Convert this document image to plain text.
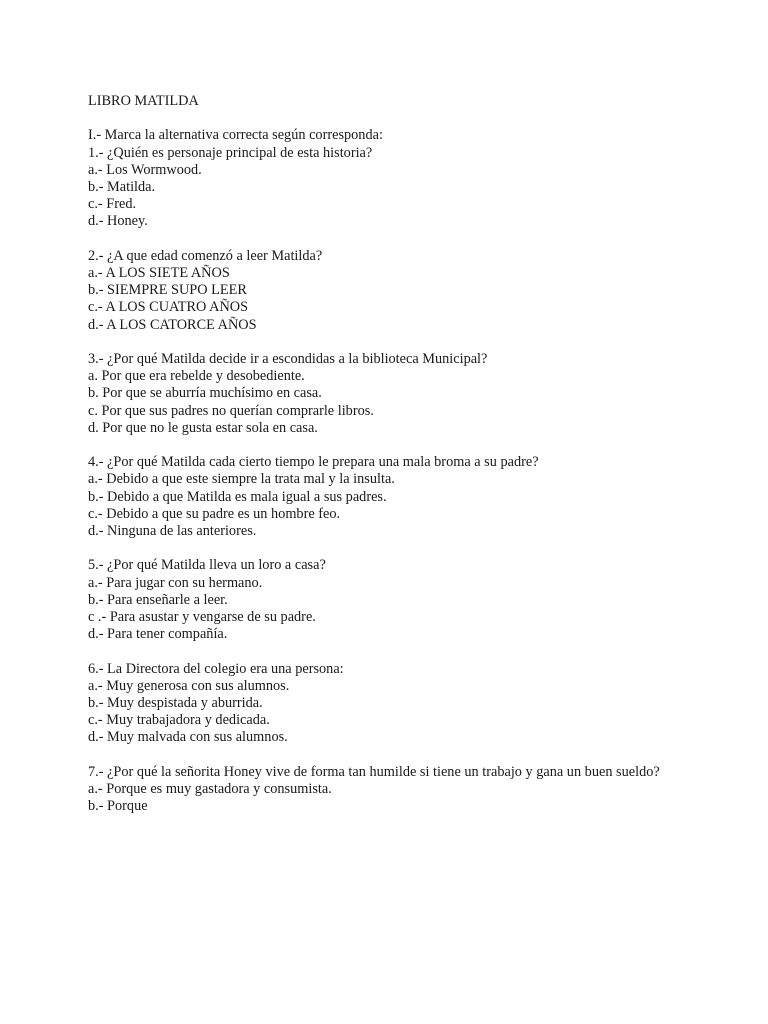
LIBRO MATILDA

I.- Marca la alternativa correcta según corresponda:

1.- ¿Quién es personaje principal de esta historia?

a.- Los Wormwood.

b.- Matilda.

c.- Fred.

d.- Honey.

2.- ¿A que edad comenzó a leer Matilda?

a.- A LOS SIETE AÑOS

b.- SIEMPRE SUPO LEER

c.- A LOS CUATRO AÑOS

d.- A LOS CATORCE AÑOS

3.- ¿Por qué Matilda decide ir a escondidas a la biblioteca Municipal?

a. Por que era rebelde y desobediente.

b. Por que se aburría muchísimo en casa.

c. Por que sus padres no querían comprarle libros.

d. Por que no le gusta estar sola en casa.

4.- ¿Por qué Matilda cada cierto tiempo le prepara una mala broma a su padre?

a.- Debido a que este siempre la trata mal y la insulta.

b.- Debido a que Matilda es mala igual a sus padres.

c.- Debido a que su padre es un hombre feo.

d.- Ninguna de las anteriores.

5.- ¿Por qué Matilda lleva un loro a casa?

a.- Para jugar con su hermano.

b.- Para enseñarle a leer.

c .- Para asustar y vengarse de su padre.

d.- Para tener compañía.

6.- La Directora del colegio era una persona:

a.- Muy generosa con sus alumnos.

b.- Muy despistada y aburrida.

c.- Muy trabajadora y dedicada.

d.- Muy malvada con sus alumnos.

7.- ¿Por qué la señorita Honey vive de forma tan humilde si tiene un trabajo y gana un buen sueldo?

a.- Porque es muy gastadora y consumista.

b.- Porque
